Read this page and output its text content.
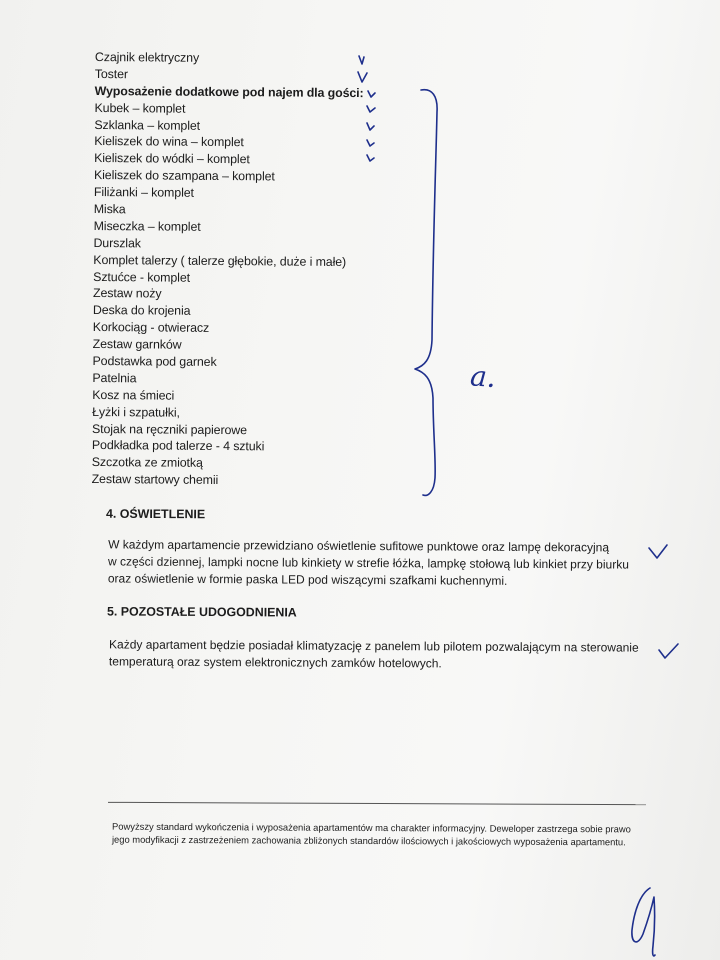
Czajnik elektryczny
Toster
Wyposażenie dodatkowe pod najem dla gości:
Kubek – komplet
Szklanka – komplet
Kieliszek do wina – komplet
Kieliszek do wódki – komplet
Kieliszek do szampana – komplet
Filiżanki – komplet
Miska
Miseczka – komplet
Durszlak
Komplet talerzy ( talerze głębokie, duże i małe)
Sztućce - komplet
Zestaw noży
Deska do krojenia
Korkociąg - otwieracz
Zestaw garnków
Podstawka pod garnek
Patelnia
Kosz na śmieci
Łyżki i szpatułki,
Stojak na ręczniki papierowe
Podkładka pod talerze - 4 sztuki
Szczotka ze zmiotką
Zestaw startowy chemii
4. OŚWIETLENIE
W każdym apartamencie przewidziano oświetlenie sufitowe punktowe oraz lampę dekoracyjną
w części dziennej, lampki nocne lub kinkiety w strefie łóżka, lampkę stołową lub kinkiet przy biurku
oraz oświetlenie w formie paska LED pod wiszącymi szafkami kuchennymi.
5. POZOSTAŁE UDOGODNIENIA
Każdy apartament będzie posiadał klimatyzację z panelem lub pilotem pozwalającym na sterowanie
temperaturą oraz system elektronicznych zamków hotelowych.
Powyższy standard wykończenia i wyposażenia apartamentów ma charakter informacyjny. Deweloper zastrzega sobie prawo
jego modyfikacji z zastrzeżeniem zachowania zbliżonych standardów ilościowych i jakościowych wyposażenia apartamentu.
a.
